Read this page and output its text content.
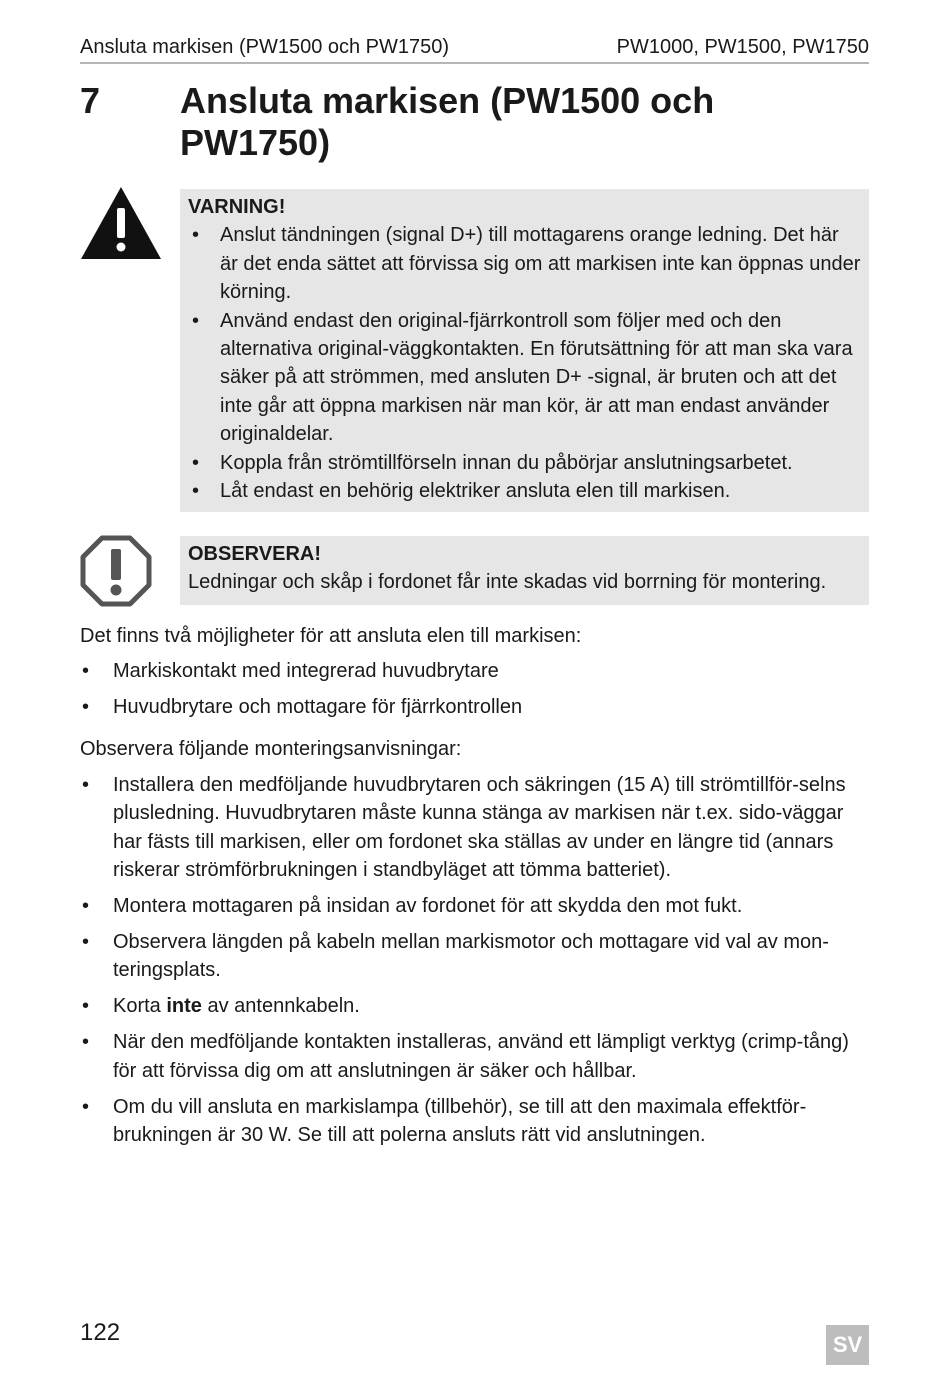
Ansluta markisen (PW1500 och PW1750)	PW1000, PW1500, PW1750
7 Ansluta markisen (PW1500 och PW1750)
VARNING!
• Anslut tändningen (signal D+) till mottagarens orange ledning. Det här är det enda sättet att förvissa sig om att markisen inte kan öppnas under körning.
• Använd endast den original-fjärrkontroll som följer med och den alternativa original-väggkontakten. En förutsättning för att man ska vara säker på att strömmen, med ansluten D+ -signal, är bruten och att det inte går att öppna markisen när man kör, är att man endast använder originaldelar.
• Koppla från strömtillförseln innan du påbörjar anslutningsarbetet.
• Låt endast en behörig elektriker ansluta elen till markisen.
OBSERVERA!
Ledningar och skåp i fordonet får inte skadas vid borrning för montering.
Det finns två möjligheter för att ansluta elen till markisen:
• Markiskontakt med integrerad huvudbrytare
• Huvudbrytare och mottagare för fjärrkontrollen
Observera följande monteringsanvisningar:
• Installera den medföljande huvudbrytaren och säkringen (15 A) till strömtillför-selns plusledning. Huvudbrytaren måste kunna stänga av markisen när t.ex. sido-väggar har fästs till markisen, eller om fordonet ska ställas av under en längre tid (annars riskerar strömförbrukningen i standbyläget att tömma batteriet).
• Montera mottagaren på insidan av fordonet för att skydda den mot fukt.
• Observera längden på kabeln mellan markismotor och mottagare vid val av mon-teringsplats.
• Korta inte av antennkabeln.
• När den medföljande kontakten installeras, använd ett lämpligt verktyg (crimp-tång) för att förvissa dig om att anslutningen är säker och hållbar.
• Om du vill ansluta en markislampa (tillbehör), se till att den maximala effektför-brukningen är 30 W. Se till att polerna ansluts rätt vid anslutningen.
122	SV
